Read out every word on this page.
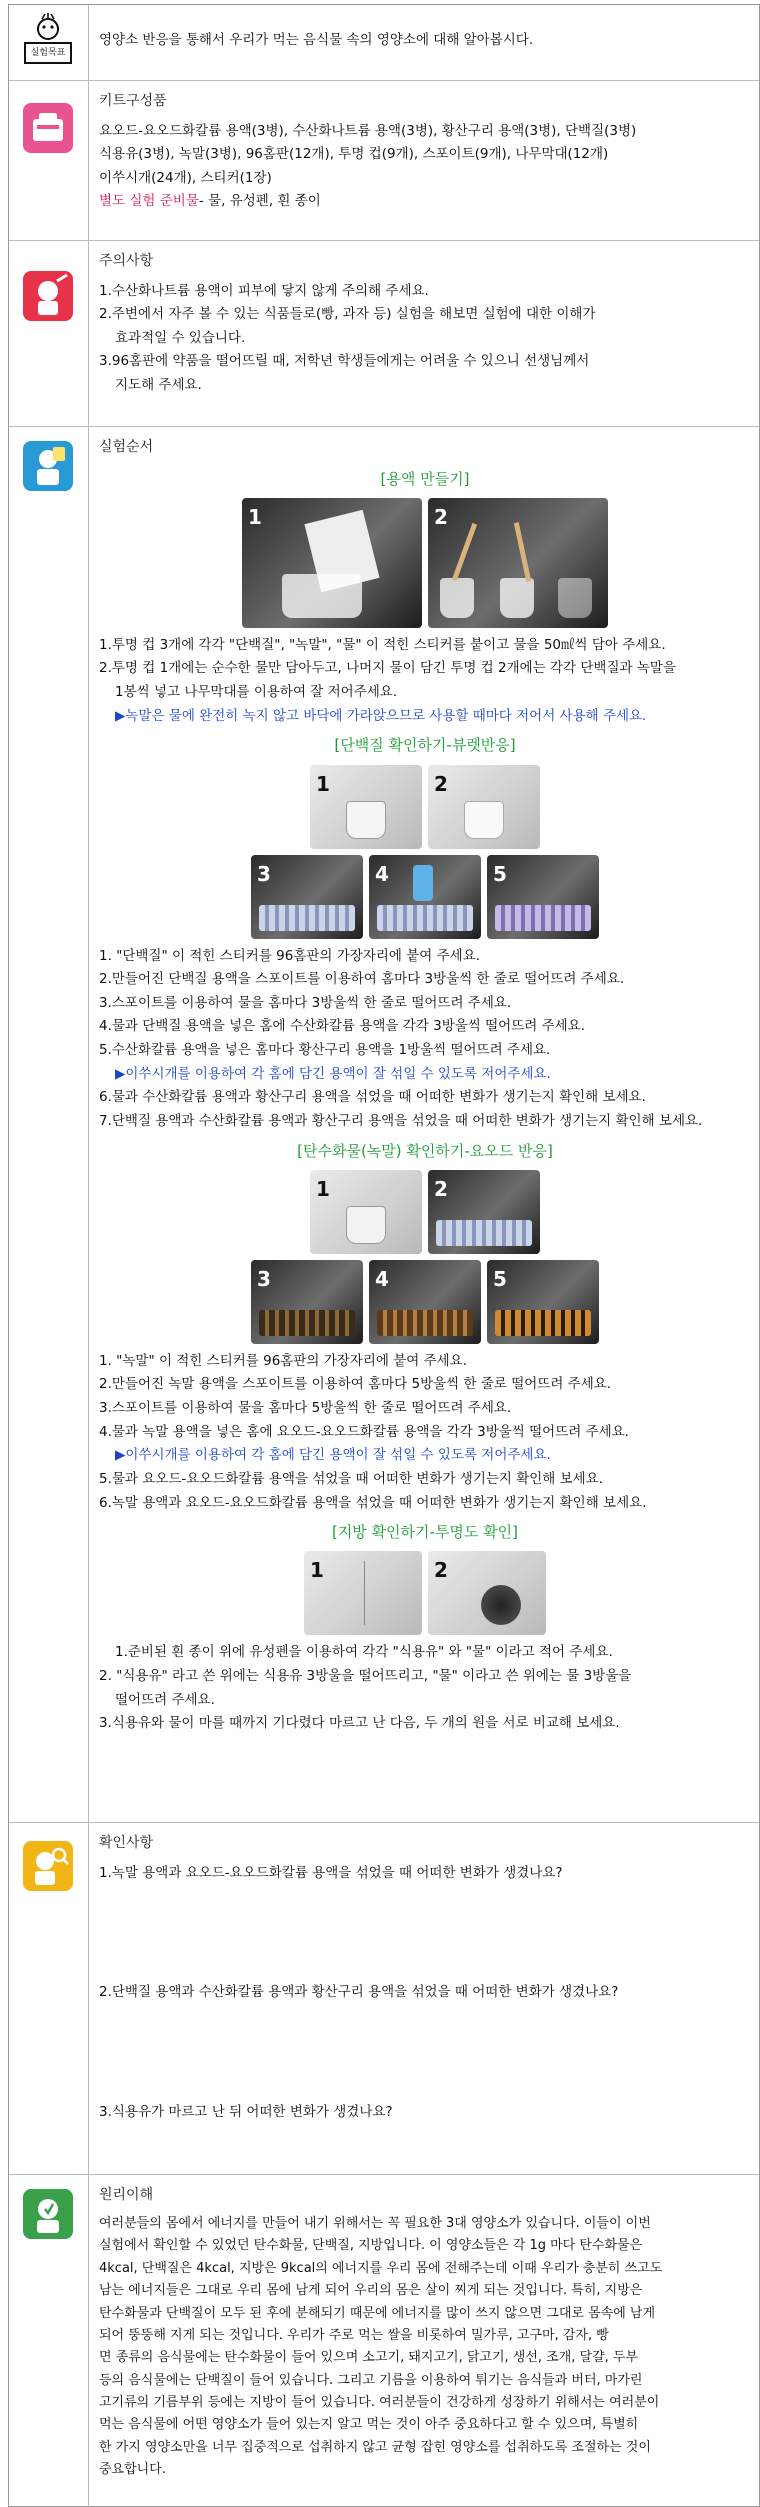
실험목표

영양소 반응을 통해서 우리가 먹는 음식물 속의 영양소에 대해 알아봅시다.

키트구성품

요오드-요오드화칼륨 용액(3병), 수산화나트륨 용액(3병), 황산구리 용액(3병), 단백질(3병)

식용유(3병), 녹말(3병), 96홈판(12개), 투명 컵(9개), 스포이트(9개), 나무막대(12개)

이쑤시개(24개), 스티커(1장)

별도 실험 준비물- 물, 유성펜, 흰 종이

주의사항

1.수산화나트륨 용액이 피부에 닿지 않게 주의해 주세요.

2.주변에서 자주 볼 수 있는 식품들로(빵, 과자 등) 실험을 해보면 실험에 대한 이해가

효과적일 수 있습니다.

3.96홈판에 약품을 떨어뜨릴 때, 저학년 학생들에게는 어려울 수 있으니 선생님께서

지도해 주세요.

실험순서

[용액 만들기]

1	2

1.투명 컵 3개에 각각 "단백질", "녹말", "물" 이 적힌 스티커를 붙이고 물을 50㎖씩 담아 주세요.

2.투명 컵 1개에는 순수한 물만 담아두고, 나머지 물이 담긴 투명 컵 2개에는 각각 단백질과 녹말을

1봉씩 넣고 나무막대를 이용하여 잘 저어주세요.

▶녹말은 물에 완전히 녹지 않고 바닥에 가라앉으므로 사용할 때마다 저어서 사용해 주세요.

[단백질 확인하기-뷰렛반응]

1	2
3	4	5

1. "단백질" 이 적힌 스티커를 96홈판의 가장자리에 붙여 주세요.

2.만들어진 단백질 용액을 스포이트를 이용하여 홈마다 3방울씩 한 줄로 떨어뜨려 주세요.

3.스포이트를 이용하여 물을 홈마다 3방울씩 한 줄로 떨어뜨려 주세요.

4.물과 단백질 용액을 넣은 홈에 수산화칼륨 용액을 각각 3방울씩 떨어뜨려 주세요.

5.수산화칼륨 용액을 넣은 홈마다 황산구리 용액을 1방울씩 떨어뜨려 주세요.

▶이쑤시개를 이용하여 각 홈에 담긴 용액이 잘 섞일 수 있도록 저어주세요.

6.물과 수산화칼륨 용액과 황산구리 용액을 섞었을 때 어떠한 변화가 생기는지 확인해 보세요.

7.단백질 용액과 수산화칼륨 용액과 황산구리 용액을 섞었을 때 어떠한 변화가 생기는지 확인해 보세요.

[탄수화물(녹말) 확인하기-요오드 반응]

1	2
3	4	5

1. "녹말" 이 적힌 스티커를 96홈판의 가장자리에 붙여 주세요.

2.만들어진 녹말 용액을 스포이트를 이용하여 홈마다 5방울씩 한 줄로 떨어뜨려 주세요.

3.스포이트를 이용하여 물을 홈마다 5방울씩 한 줄로 떨어뜨려 주세요.

4.물과 녹말 용액을 넣은 홈에 요오드-요오드화칼륨 용액을 각각 3방울씩 떨어뜨려 주세요.

▶이쑤시개를 이용하여 각 홈에 담긴 용액이 잘 섞일 수 있도록 저어주세요.

5.물과 요오드-요오드화칼륨 용액을 섞었을 때 어떠한 변화가 생기는지 확인해 보세요.

6.녹말 용액과 요오드-요오드화칼륨 용액을 섞었을 때 어떠한 변화가 생기는지 확인해 보세요.

[지방 확인하기-투명도 확인]

1	2

1.준비된 흰 종이 위에 유성펜을 이용하여 각각 "식용유" 와 "물" 이라고 적어 주세요.

2. "식용유" 라고 쓴 위에는 식용유 3방울을 떨어뜨리고, "물" 이라고 쓴 위에는 물 3방울을

떨어뜨려 주세요.

3.식용유와 물이 마를 때까지 기다렸다 마르고 난 다음, 두 개의 원을 서로 비교해 보세요.

확인사항

1.녹말 용액과 요오드-요오드화칼륨 용액을 섞었을 때 어떠한 변화가 생겼나요?

2.단백질 용액과 수산화칼륨 용액과 황산구리 용액을 섞었을 때 어떠한 변화가 생겼나요?

3.식용유가 마르고 난 뒤 어떠한 변화가 생겼나요?

원리이해

여러분들의 몸에서 에너지를 만들어 내기 위해서는 꼭 필요한 3대 영양소가 있습니다. 이들이 이번

실험에서 확인할 수 있었던 탄수화물, 단백질, 지방입니다. 이 영양소들은 각 1g 마다 탄수화물은

4kcal, 단백질은 4kcal, 지방은 9kcal의 에너지를 우리 몸에 전해주는데 이때 우리가 충분히 쓰고도

남는 에너지들은 그대로 우리 몸에 남게 되어 우리의 몸은 살이 찌게 되는 것입니다. 특히, 지방은

탄수화물과 단백질이 모두 된 후에 분해되기 때문에 에너지를 많이 쓰지 않으면 그대로 몸속에 남게

되어 뚱뚱해 지게 되는 것입니다. 우리가 주로 먹는 쌀을 비롯하여 밀가루, 고구마, 감자, 빵

면 종류의 음식물에는 탄수화물이 들어 있으며 소고기, 돼지고기, 닭고기, 생선, 조개, 달걀, 두부

등의 음식물에는 단백질이 들어 있습니다. 그리고 기름을 이용하여 튀기는 음식들과 버터, 마가린

고기류의 기름부위 등에는 지방이 들어 있습니다. 여러분들이 건강하게 성장하기 위해서는 여러분이

먹는 음식물에 어떤 영양소가 들어 있는지 알고 먹는 것이 아주 중요하다고 할 수 있으며, 특별히

한 가지 영양소만을 너무 집중적으로 섭취하지 않고 균형 잡힌 영양소를 섭취하도록 조절하는 것이

중요합니다.
